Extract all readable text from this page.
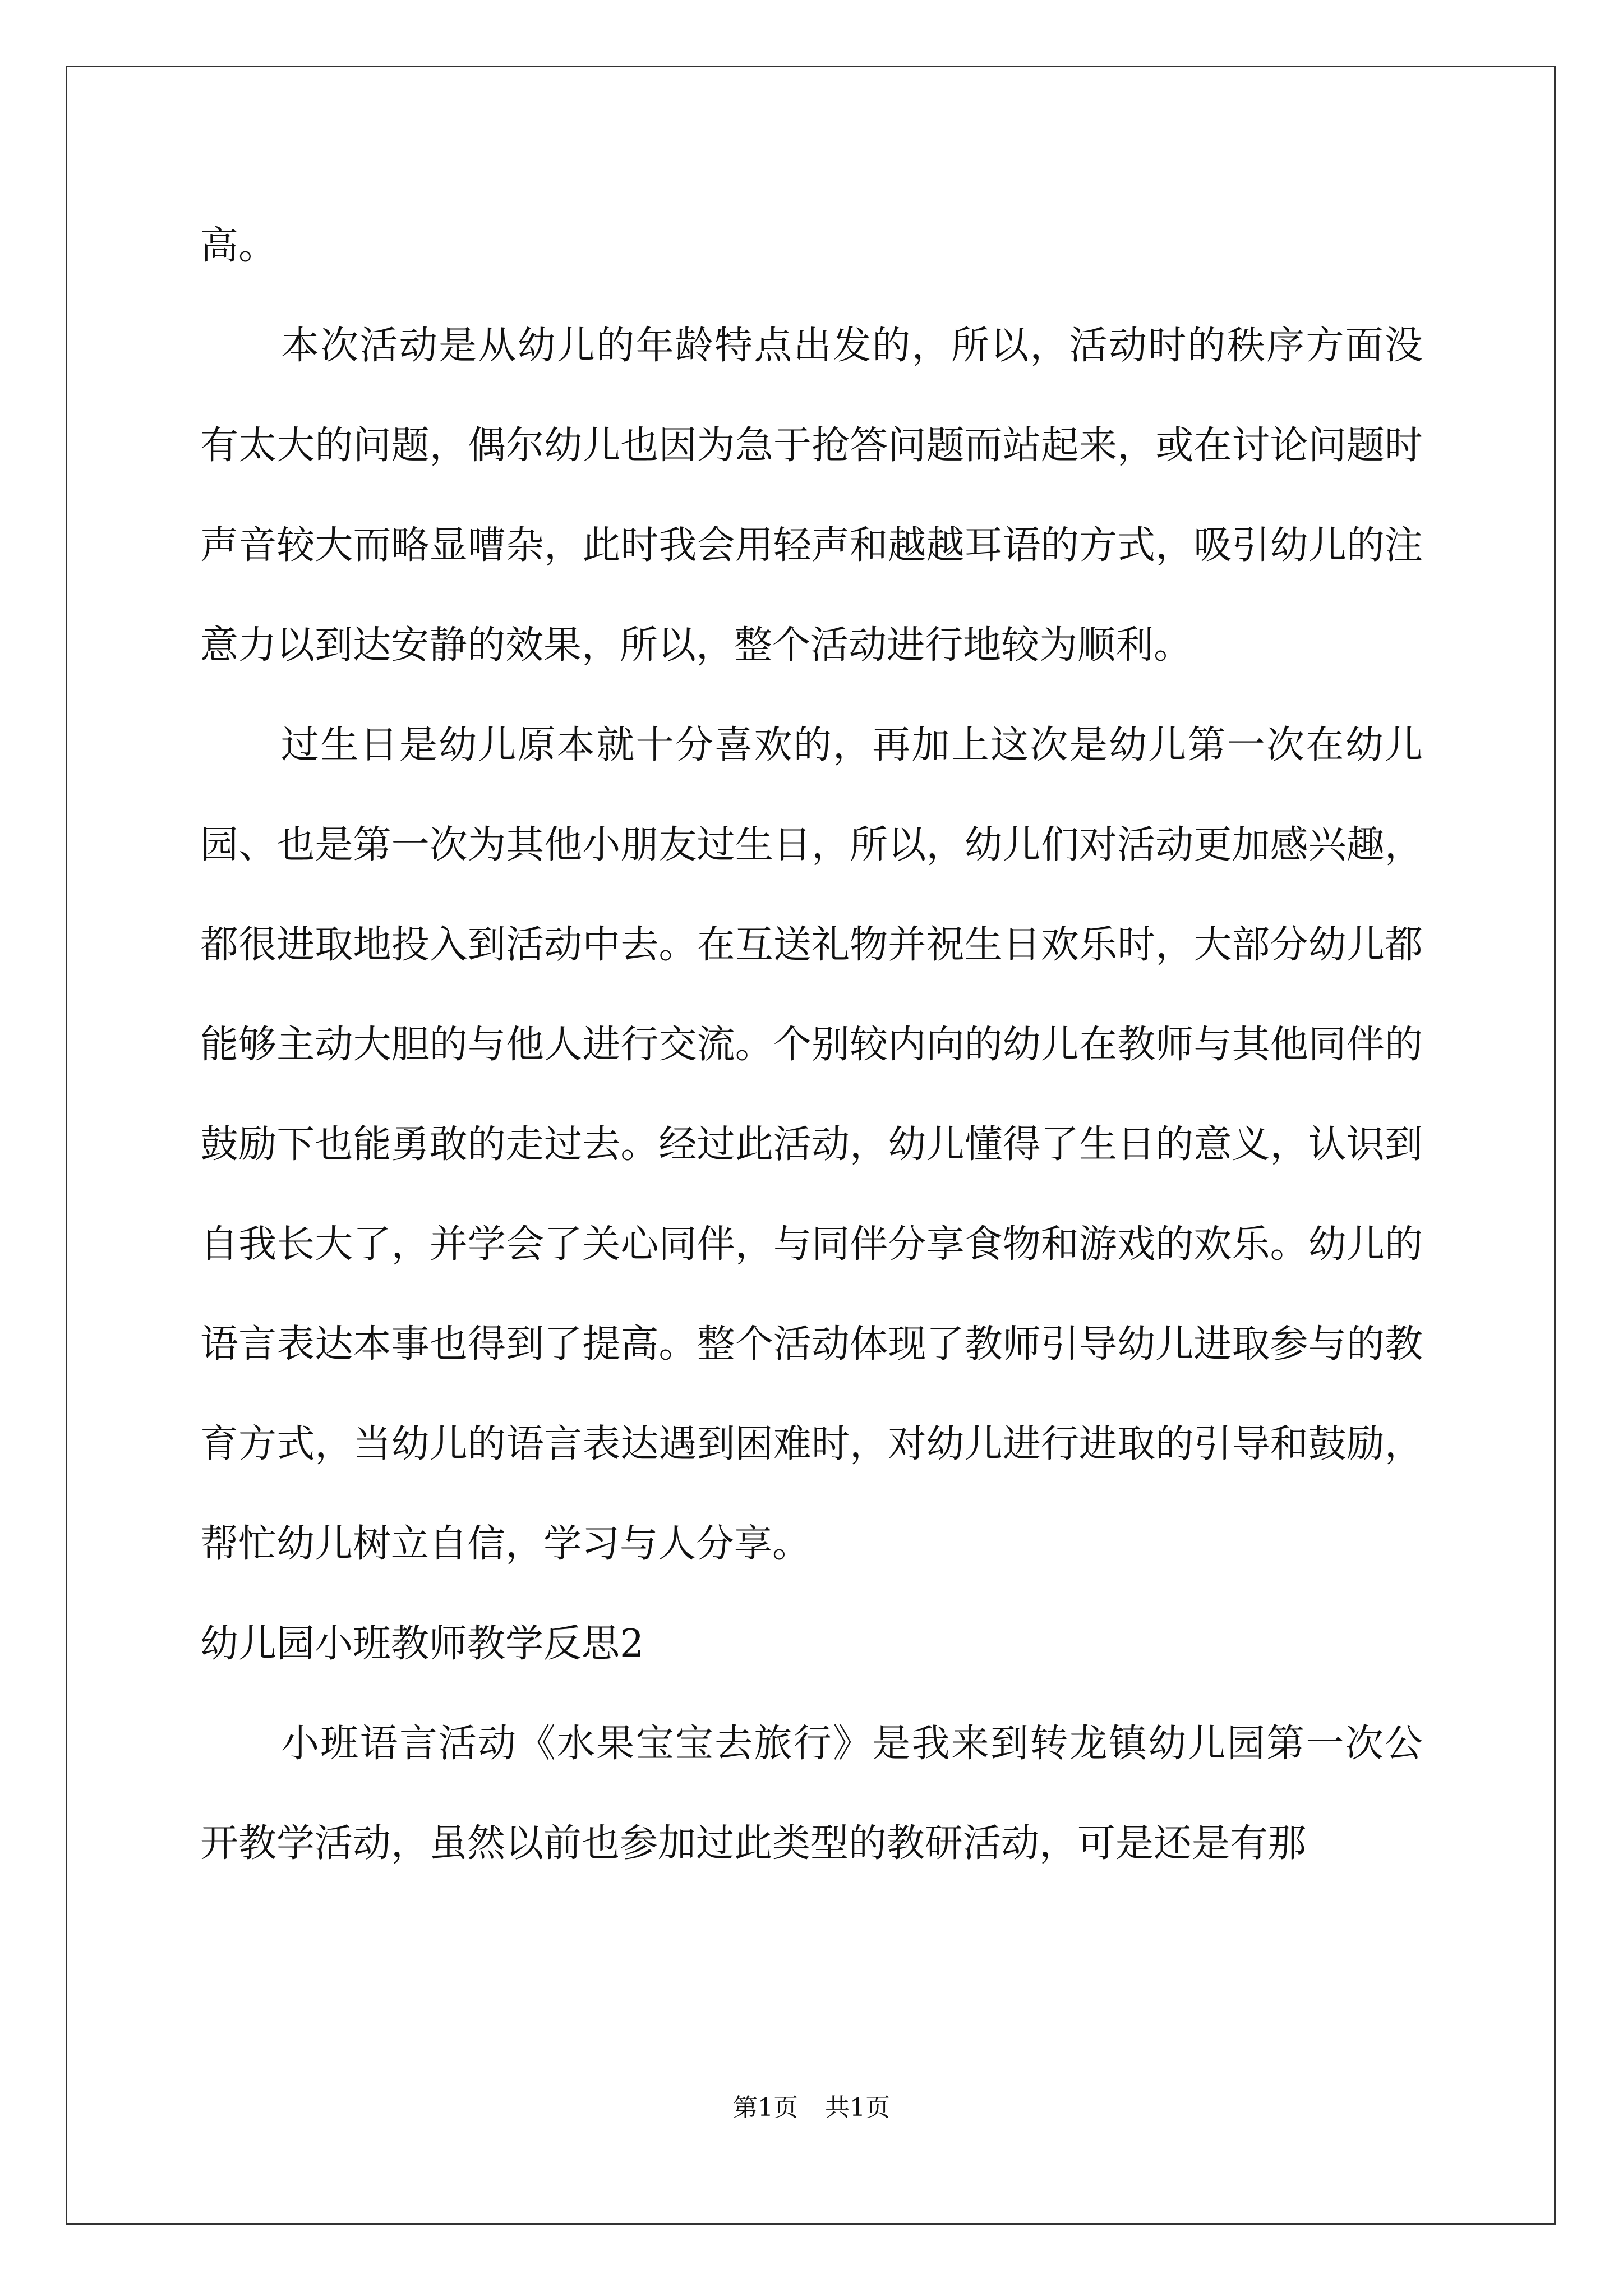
高。

本次活动是从幼儿的年龄特点出发的，所以，活动时的秩序方面没有太大的问题，偶尔幼儿也因为急于抢答问题而站起来，或在讨论问题时声音较大而略显嘈杂，此时我会用轻声和越越耳语的方式，吸引幼儿的注意力以到达安静的效果，所以，整个活动进行地较为顺利。

过生日是幼儿原本就十分喜欢的，再加上这次是幼儿第一次在幼儿园、也是第一次为其他小朋友过生日，所以，幼儿们对活动更加感兴趣，都很进取地投入到活动中去。在互送礼物并祝生日欢乐时，大部分幼儿都能够主动大胆的与他人进行交流。个别较内向的幼儿在教师与其他同伴的鼓励下也能勇敢的走过去。经过此活动，幼儿懂得了生日的意义，认识到自我长大了，并学会了关心同伴，与同伴分享食物和游戏的欢乐。幼儿的语言表达本事也得到了提高。整个活动体现了教师引导幼儿进取参与的教育方式，当幼儿的语言表达遇到困难时，对幼儿进行进取的引导和鼓励，帮忙幼儿树立自信，学习与人分享。

幼儿园小班教师教学反思2

小班语言活动《水果宝宝去旅行》是我来到转龙镇幼儿园第一次公开教学活动，虽然以前也参加过此类型的教研活动，可是还是有那

第1页 共1页
